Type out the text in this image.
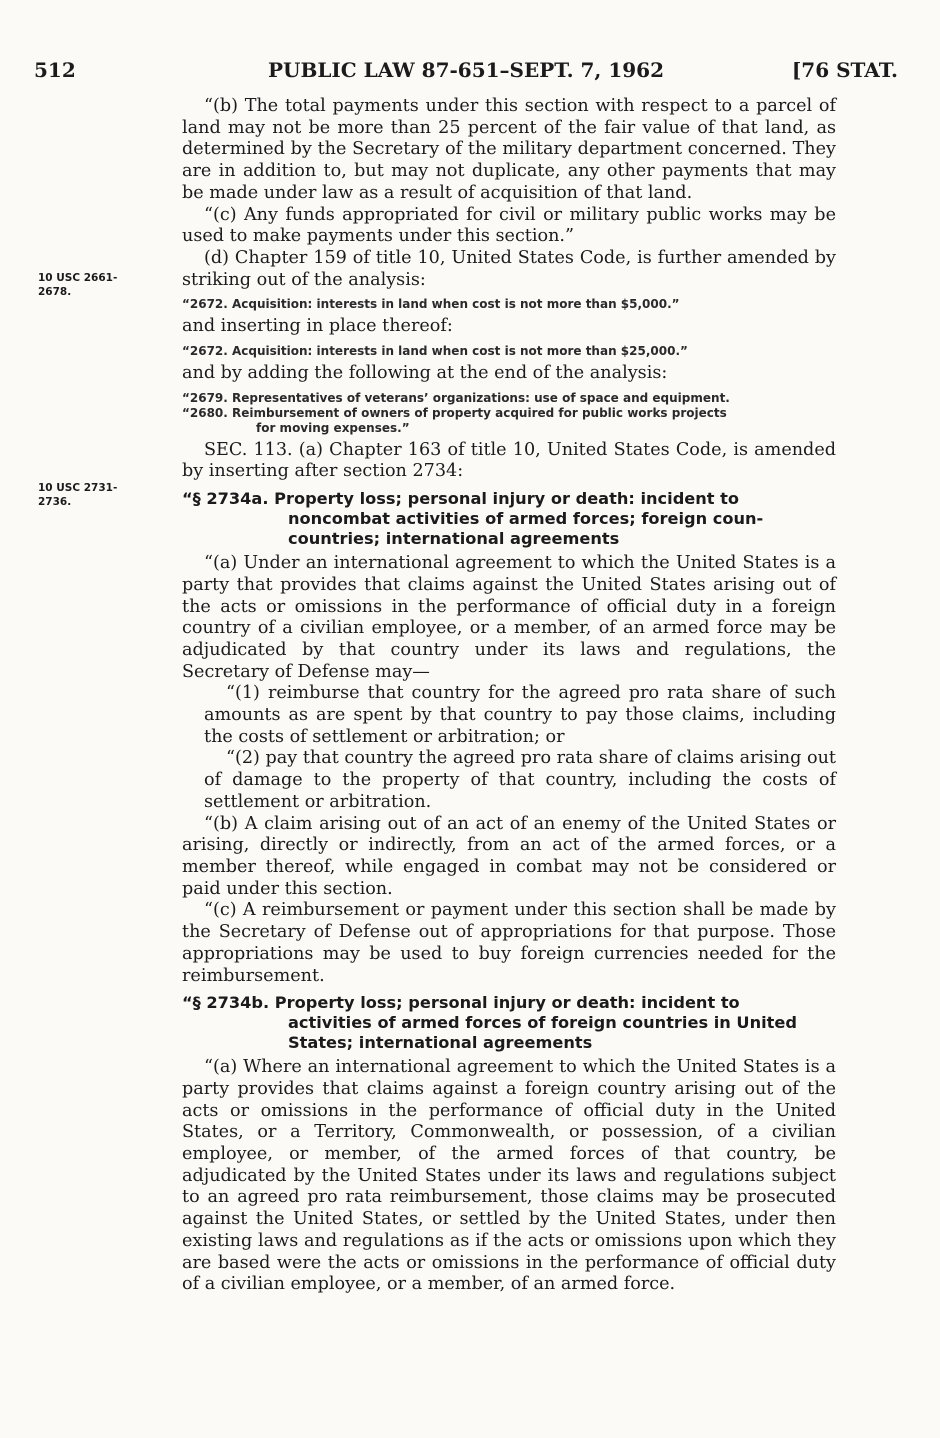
512	PUBLIC LAW 87-651–SEPT. 7, 1962	[76 STAT.
10 USC 2661-
2678.
10 USC 2731-
2736.

“(b) The total payments under this section with respect to a parcel of land may not be more than 25 percent of the fair value of that land, as determined by the Secretary of the military department concerned. They are in addition to, but may not duplicate, any other payments that may be made under law as a result of acquisition of that land.

“(c) Any funds appropriated for civil or military public works may be used to make payments under this section.”

(d) Chapter 159 of title 10, United States Code, is further amended by striking out of the analysis:

“2672. Acquisition: interests in land when cost is not more than $5,000.”

and inserting in place thereof:

“2672. Acquisition: interests in land when cost is not more than $25,000.”

and by adding the following at the end of the analysis:

“2679. Representatives of veterans’ organizations: use of space and equipment.
“2680. Reimbursement of owners of property acquired for public works projects
for moving expenses.”

SEC. 113. (a) Chapter 163 of title 10, United States Code, is amended by inserting after section 2734:

“§ 2734a. Property loss; personal injury or death: incident to
noncombat activities of armed forces; foreign coun- countries; international agreements

“(a) Under an international agreement to which the United States is a party that provides that claims against the United States arising out of the acts or omissions in the performance of official duty in a foreign country of a civilian employee, or a member, of an armed force may be adjudicated by that country under its laws and regulations, the Secretary of Defense may—

“(1) reimburse that country for the agreed pro rata share of such amounts as are spent by that country to pay those claims, including the costs of settlement or arbitration; or

“(2) pay that country the agreed pro rata share of claims arising out of damage to the property of that country, including the costs of settlement or arbitration.

“(b) A claim arising out of an act of an enemy of the United States or arising, directly or indirectly, from an act of the armed forces, or a member thereof, while engaged in combat may not be considered or paid under this section.

“(c) A reimbursement or payment under this section shall be made by the Secretary of Defense out of appropriations for that purpose. Those appropriations may be used to buy foreign currencies needed for the reimbursement.

“§ 2734b. Property loss; personal injury or death: incident to
activities of armed forces of foreign countries in United States; international agreements

“(a) Where an international agreement to which the United States is a party provides that claims against a foreign country arising out of the acts or omissions in the performance of official duty in the United States, or a Territory, Commonwealth, or possession, of a civilian employee, or member, of the armed forces of that country, be adjudicated by the United States under its laws and regulations subject to an agreed pro rata reimbursement, those claims may be prosecuted against the United States, or settled by the United States, under then existing laws and regulations as if the acts or omissions upon which they are based were the acts or omissions in the performance of official duty of a civilian employee, or a member, of an armed force.
